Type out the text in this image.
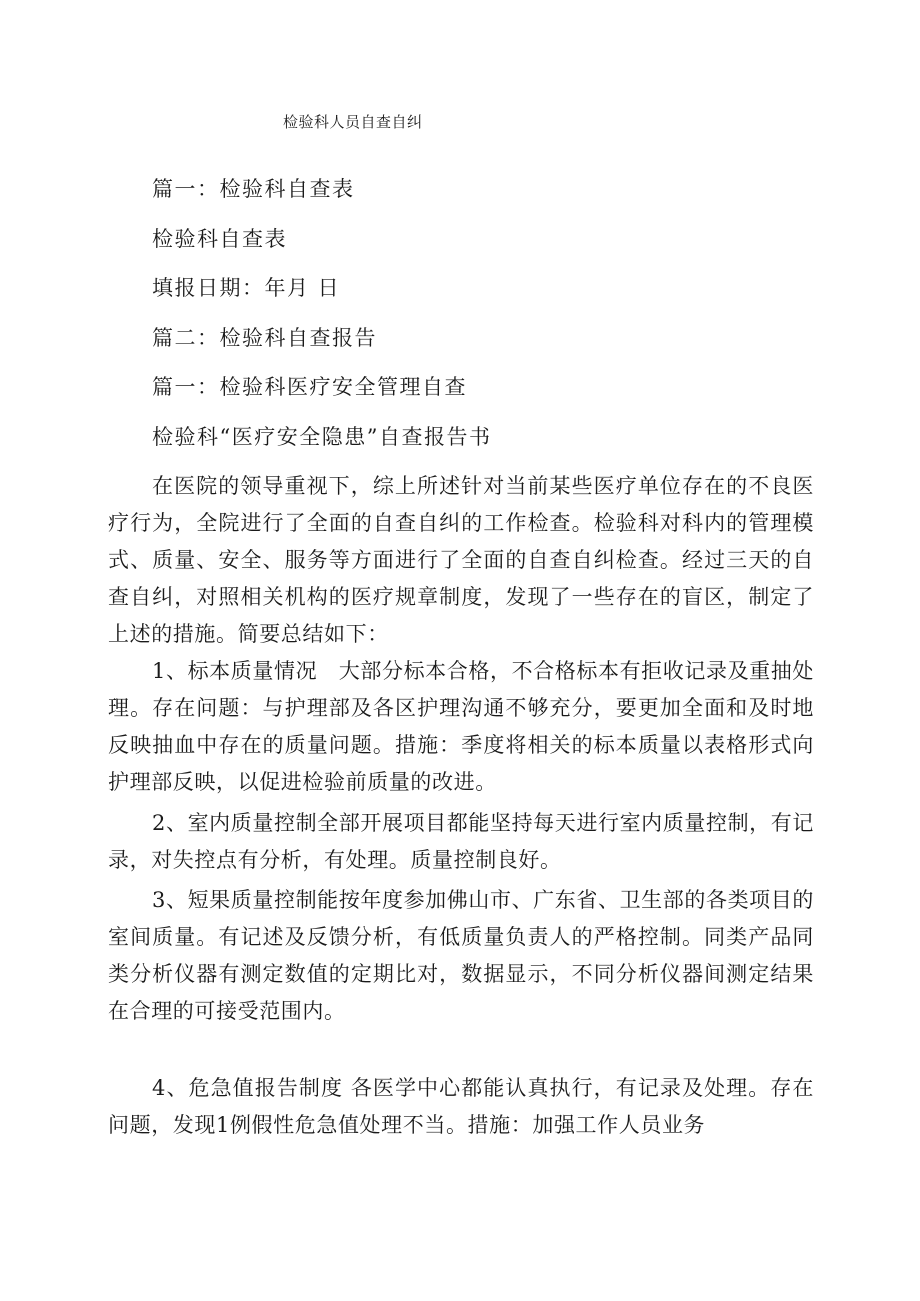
检验科人员自查自纠
篇一：检验科自查表
检验科自查表
填报日期：年月 日
篇二：检验科自查报告
篇一：检验科医疗安全管理自查
检验科“医疗安全隐患”自查报告书
在医院的领导重视下，综上所述针对当前某些医疗单位存在的不良医疗行为，全院进行了全面的自查自纠的工作检查。检验科对科内的管理模式、质量、安全、服务等方面进行了全面的自查自纠检查。经过三天的自查自纠，对照相关机构的医疗规章制度，发现了一些存在的盲区，制定了上述的措施。简要总结如下：
1、标本质量情况　大部分标本合格，不合格标本有拒收记录及重抽处理。存在问题：与护理部及各区护理沟通不够充分，要更加全面和及时地反映抽血中存在的质量问题。措施：季度将相关的标本质量以表格形式向护理部反映，以促进检验前质量的改进。
2、室内质量控制全部开展项目都能坚持每天进行室内质量控制，有记录，对失控点有分析，有处理。质量控制良好。
3、短果质量控制能按年度参加佛山市、广东省、卫生部的各类项目的室间质量。有记述及反馈分析，有低质量负责人的严格控制。同类产品同类分析仪器有测定数值的定期比对，数据显示，不同分析仪器间测定结果在合理的可接受范围内。
4、危急值报告制度 各医学中心都能认真执行，有记录及处理。存在问题，发现1例假性危急值处理不当。措施：加强工作人员业务
